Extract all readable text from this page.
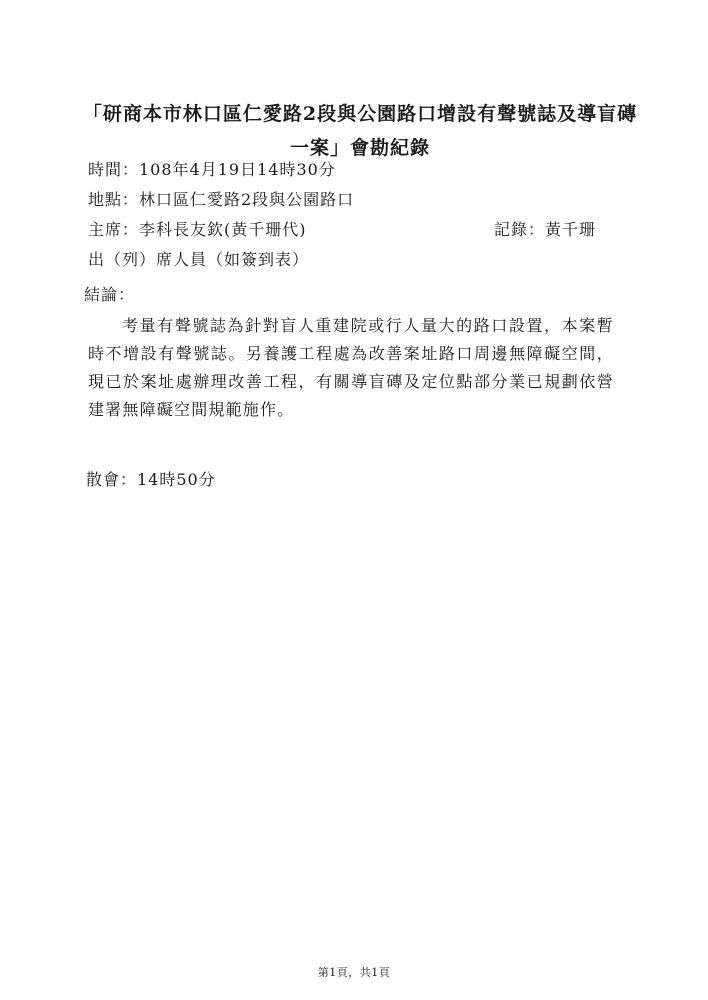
「研商本市林口區仁愛路2段與公園路口增設有聲號誌及導盲磚一案」會勘紀錄
時間：108年4月19日14時30分
地點：林口區仁愛路2段與公園路口
主席：李科長友欽(黃千珊代)	記錄：黃千珊
出（列）席人員（如簽到表）
結論：
考量有聲號誌為針對盲人重建院或行人量大的路口設置，本案暫時不增設有聲號誌。另養護工程處為改善案址路口周邊無障礙空間，現已於案址處辦理改善工程，有關導盲磚及定位點部分業已規劃依營建署無障礙空間規範施作。
散會：14時50分
第1頁，共1頁
